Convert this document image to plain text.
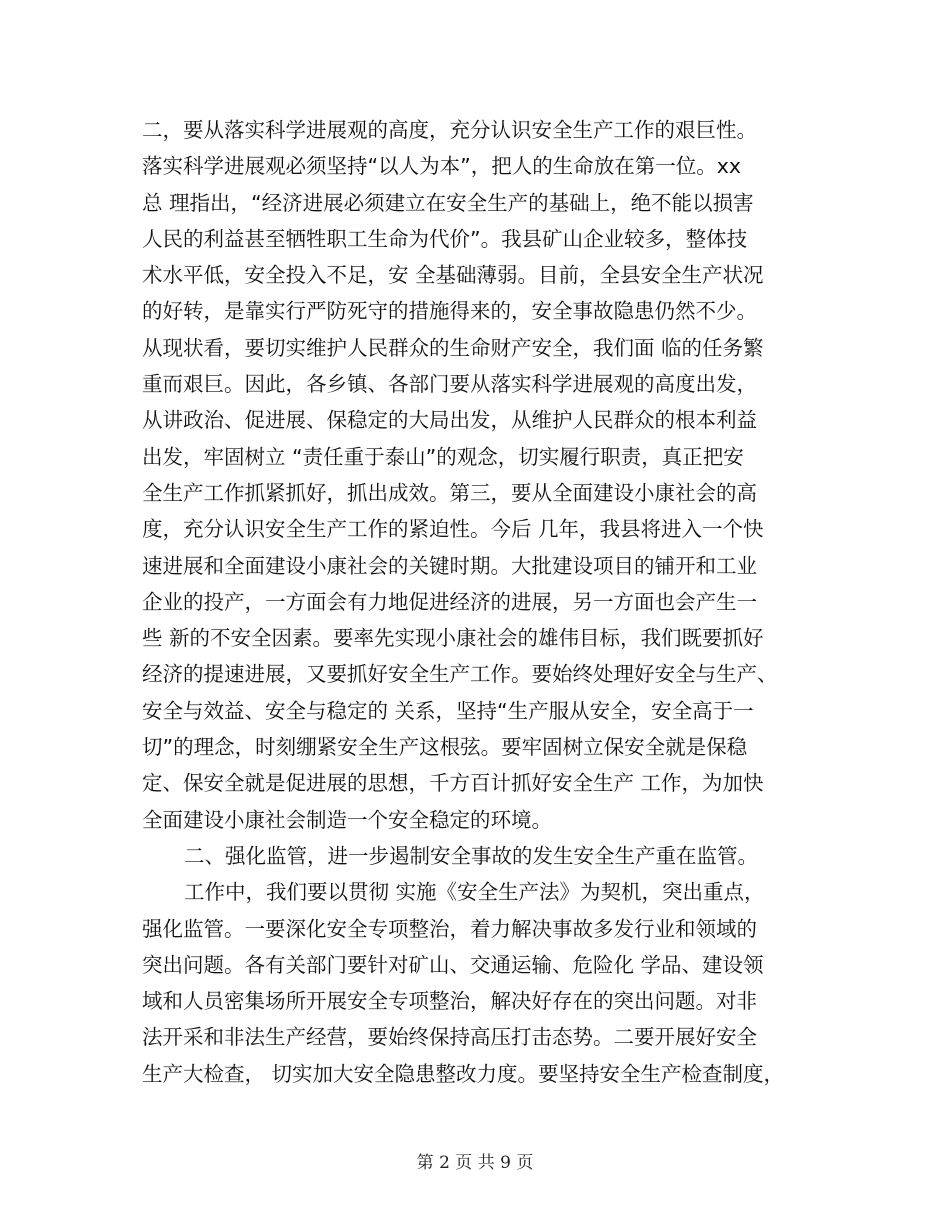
二，要从落实科学进展观的高度，充分认识安全生产工作的艰巨性。
落实科学进展观必须坚持“以人为本”，把人的生命放在第一位。xx
总 理指出，“经济进展必须建立在安全生产的基础上，绝不能以损害
人民的利益甚至牺牲职工生命为代价”。我县矿山企业较多，整体技
术水平低，安全投入不足，安 全基础薄弱。目前，全县安全生产状况
的好转，是靠实行严防死守的措施得来的，安全事故隐患仍然不少。
从现状看，要切实维护人民群众的生命财产安全，我们面 临的任务繁
重而艰巨。因此，各乡镇、各部门要从落实科学进展观的高度出发，
从讲政治、促进展、保稳定的大局出发，从维护人民群众的根本利益
出发，牢固树立 “责任重于泰山”的观念，切实履行职责，真正把安
全生产工作抓紧抓好，抓出成效。第三，要从全面建设小康社会的高
度，充分认识安全生产工作的紧迫性。今后 几年，我县将进入一个快
速进展和全面建设小康社会的关键时期。大批建设项目的铺开和工业
企业的投产，一方面会有力地促进经济的进展，另一方面也会产生一
些 新的不安全因素。要率先实现小康社会的雄伟目标，我们既要抓好
经济的提速进展，又要抓好安全生产工作。要始终处理好安全与生产、
安全与效益、安全与稳定的 关系，坚持“生产服从安全，安全高于一
切”的理念，时刻绷紧安全生产这根弦。要牢固树立保安全就是保稳
定、保安全就是促进展的思想，千方百计抓好安全生产 工作，为加快
全面建设小康社会制造一个安全稳定的环境。
二、强化监管，进一步遏制安全事故的发生安全生产重在监管。
工作中，我们要以贯彻 实施《安全生产法》为契机，突出重点，
强化监管。一要深化安全专项整治，着力解决事故多发行业和领域的
突出问题。各有关部门要针对矿山、交通运输、危险化 学品、建设领
域和人员密集场所开展安全专项整治，解决好存在的突出问题。对非
法开采和非法生产经营，要始终保持高压打击态势。二要开展好安全
生产大检查， 切实加大安全隐患整改力度。要坚持安全生产检查制度，
第 2 页 共 9 页
